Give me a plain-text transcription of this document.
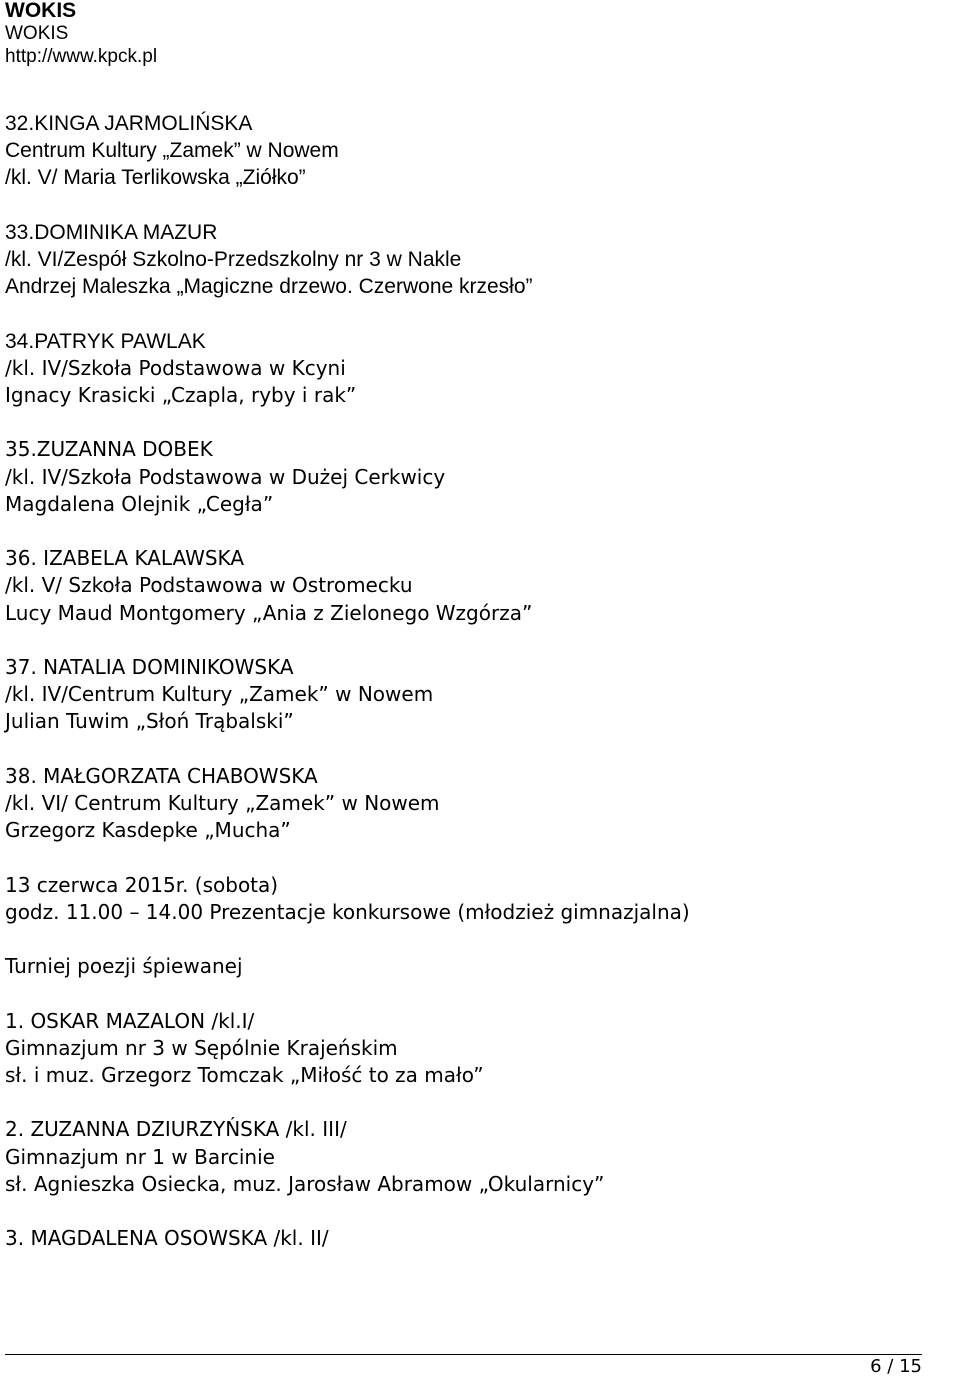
WOKIS
WOKIS
http://www.kpck.pl

32.KINGA JARMOLIŃSKA

Centrum Kultury „Zamek” w Nowem

/kl. V/ Maria Terlikowska „Ziółko”

33.DOMINIKA MAZUR

/kl. VI/Zespół Szkolno-Przedszkolny nr 3 w Nakle

Andrzej Maleszka „Magiczne drzewo. Czerwone krzesło”

34.PATRYK PAWLAK

/kl. IV/Szkoła Podstawowa w Kcyni

Ignacy Krasicki „Czapla, ryby i rak”

35.ZUZANNA DOBEK

/kl. IV/Szkoła Podstawowa w Dużej Cerkwicy

Magdalena Olejnik „Cegła”

36. IZABELA KALAWSKA

/kl. V/ Szkoła Podstawowa w Ostromecku

Lucy Maud Montgomery „Ania z Zielonego Wzgórza”

37. NATALIA DOMINIKOWSKA

/kl. IV/Centrum Kultury „Zamek” w Nowem

Julian Tuwim „Słoń Trąbalski”

38. MAŁGORZATA CHABOWSKA

/kl. VI/ Centrum Kultury „Zamek” w Nowem

Grzegorz Kasdepke „Mucha”

13 czerwca 2015r. (sobota)

godz. 11.00 – 14.00 Prezentacje konkursowe (młodzież gimnazjalna)

Turniej poezji śpiewanej

1. OSKAR MAZALON /kl.I/

Gimnazjum nr 3 w Sępólnie Krajeńskim

sł. i muz. Grzegorz Tomczak „Miłość to za mało”

2. ZUZANNA DZIURZYŃSKA /kl. III/

Gimnazjum nr 1 w Barcinie

sł. Agnieszka Osiecka, muz. Jarosław Abramow „Okularnicy”

3. MAGDALENA OSOWSKA /kl. II/

6 / 15
